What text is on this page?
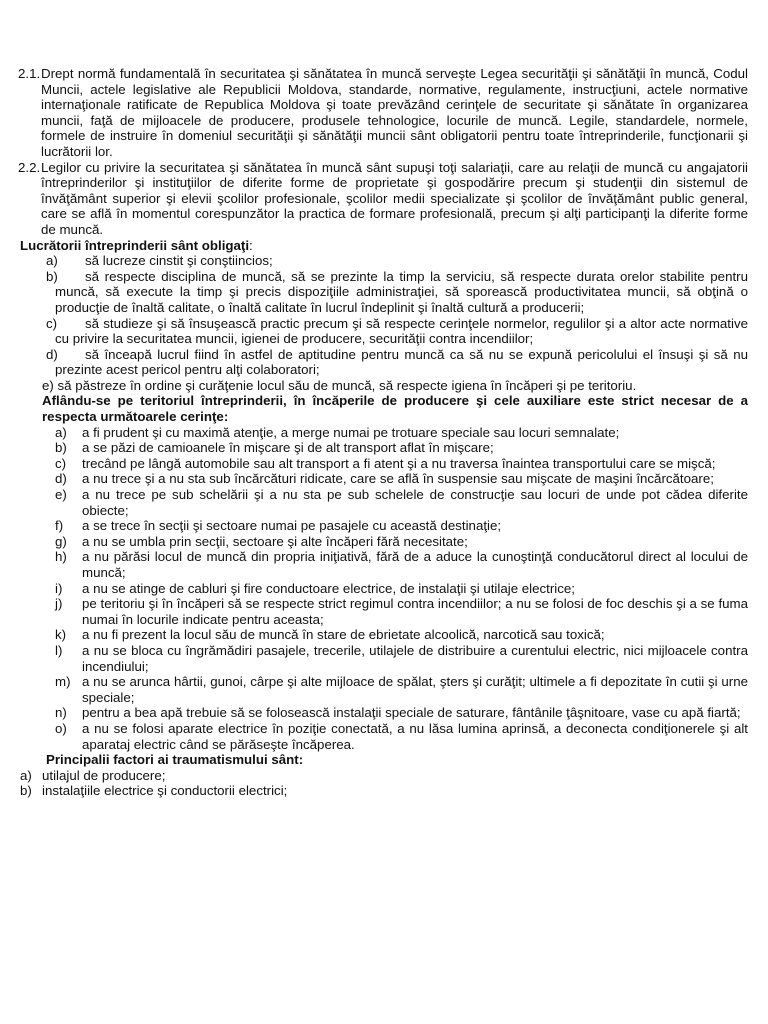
2.1. Drept normă fundamentală în securitatea şi sănătatea în muncă serveşte Legea securităţii şi sănătăţii în muncă, Codul Muncii, actele legislative ale Republicii Moldova, standarde, normative, regulamente, instrucţiuni, actele normative internaţionale ratificate de Republica Moldova şi toate prevăzând cerinţele de securitate şi sănătate în organizarea muncii, faţă de mijloacele de producere, produsele tehnologice, locurile de muncă. Legile, standardele, normele, formele de instruire în domeniul securităţii şi sănătăţii muncii sânt obligatorii pentru toate întreprinderile, funcţionarii şi lucrătorii lor.
2.2. Legilor cu privire la securitatea şi sănătatea în muncă sânt supuşi toţi salariaţii, care au relaţii de muncă cu angajatorii întreprinderilor şi instituţiilor de diferite forme de proprietate şi gospodărire precum şi studenţii din sistemul de învăţământ superior şi elevii şcolilor profesionale, şcolilor medii specializate şi şcolilor de învăţământ public general, care se află în momentul corespunzător la practica de formare profesională, precum şi alţi participanţi la diferite forme de muncă.
Lucrătorii întreprinderii sânt obligaţi:
a) să lucreze cinstit şi conştiincios;
b) să respecte disciplina de muncă, să se prezinte la timp la serviciu, să respecte durata orelor stabilite pentru muncă, să execute la timp şi precis dispoziţiile administraţiei, să sporească productivitatea muncii, să obţină o producţie de înaltă calitate, o înaltă calitate în lucrul îndeplinit şi înaltă cultură a producerii;
c) să studieze şi să însuşească practic precum şi să respecte cerinţele normelor, regulilor şi a altor acte normative cu privire la securitatea muncii, igienei de producere, securităţii contra incendiilor;
d) să înceapă lucrul fiind în astfel de aptitudine pentru muncă ca să nu se expună pericolului el însuşi şi să nu prezinte acest pericol pentru alţi colaboratori;
e) să păstreze în ordine şi curăţenie locul său de muncă, să respecte igiena în încăperi şi pe teritoriu.
Aflându-se pe teritoriul întreprinderii, în încăperile de producere şi cele auxiliare este strict necesar de a respecta următoarele cerinţe:
a) a fi prudent şi cu maximă atenţie, a merge numai pe trotuare speciale sau locuri semnalate;
b) a se păzi de camioanele în mişcare şi de alt transport aflat în mişcare;
c) trecând pe lângă automobile sau alt transport a fi atent şi a nu traversa înaintea transportului care se mişcă;
d) a nu trece şi a nu sta sub încărcături ridicate, care se află în suspensie sau mişcate de maşini încărcătoare;
e) a nu trece pe sub schelării şi a nu sta pe sub schelele de construcţie sau locuri de unde pot cădea diferite obiecte;
f) a se trece în secţii şi sectoare numai pe pasajele cu această destinaţie;
g) a nu se umbla prin secţii, sectoare şi alte încăperi fără necesitate;
h) a nu părăsi locul de muncă din propria iniţiativă, fără de a aduce la cunoştinţă conducătorul direct al locului de muncă;
i) a nu se atinge de cabluri şi fire conductoare electrice, de instalaţii şi utilaje electrice;
j) pe teritoriu şi în încăperi să se respecte strict regimul contra incendiilor; a nu se folosi de foc deschis şi a se fuma numai în locurile indicate pentru aceasta;
k) a nu fi prezent la locul său de muncă în stare de ebrietate alcoolică, narcotică sau toxică;
l) a nu se bloca cu îngrămădiri pasajele, trecerile, utilajele de distribuire a curentului electric, nici mijloacele contra incendiului;
m) a nu se arunca hârtii, gunoi, cârpe şi alte mijloace de spălat, şters şi curăţit; ultimele a fi depozitate în cutii şi urne speciale;
n) pentru a bea apă trebuie să se folosească instalaţii speciale de saturare, fântânile ţâşnitoare, vase cu apă fiartă;
o) a nu se folosi aparate electrice în poziţie conectată, a nu lăsa lumina aprinsă, a deconecta condiţionerele şi alt aparataj electric când se părăseşte încăperea.
Principalii factori ai traumatismului sânt:
a) utilajul de producere;
b) instalaţiile electrice şi conductorii electrici;
